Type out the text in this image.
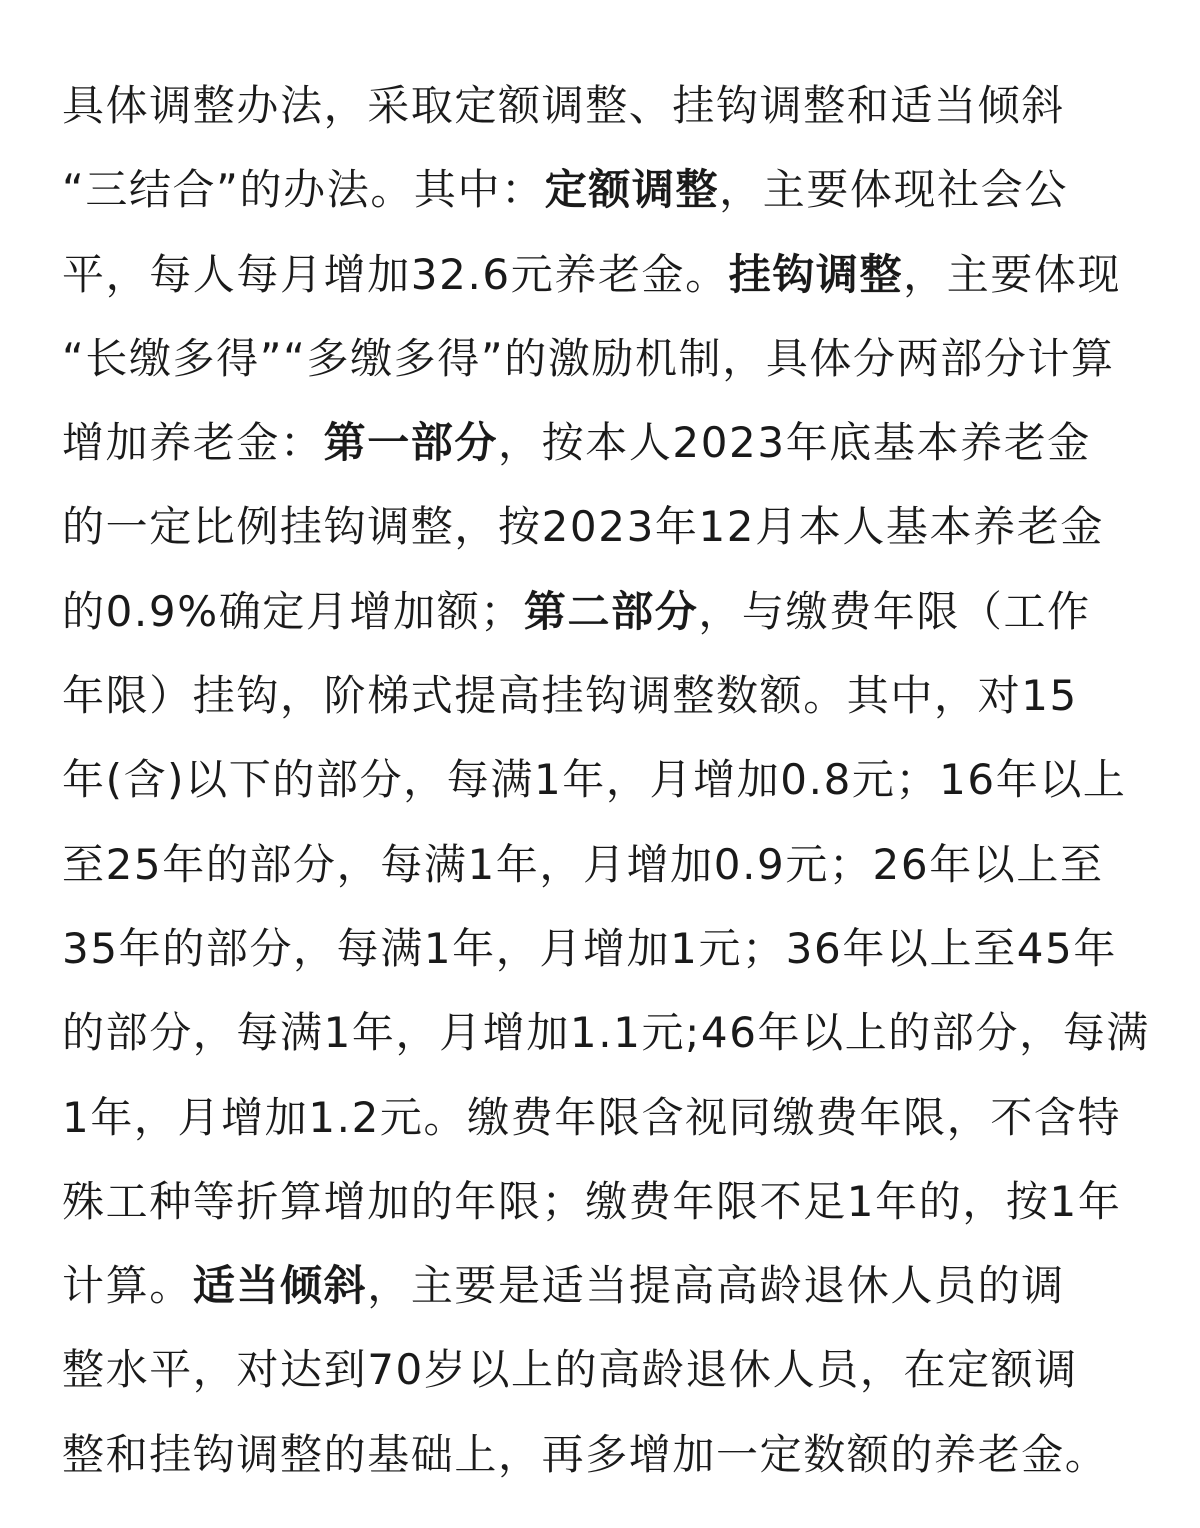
具体调整办法，采取定额调整、挂钩调整和适当倾斜
“三结合”的办法。其中：定额调整，主要体现社会公
平，每人每月增加32.6元养老金。挂钩调整，主要体现
“长缴多得”“多缴多得”的激励机制，具体分两部分计算
增加养老金：第一部分，按本人2023年底基本养老金
的一定比例挂钩调整，按2023年12月本人基本养老金
的0.9%确定月增加额；第二部分，与缴费年限（工作
年限）挂钩，阶梯式提高挂钩调整数额。其中，对15
年(含)以下的部分，每满1年，月增加0.8元；16年以上
至25年的部分，每满1年，月增加0.9元；26年以上至
35年的部分，每满1年，月增加1元；36年以上至45年
的部分，每满1年，月增加1.1元;46年以上的部分，每满
1年，月增加1.2元。缴费年限含视同缴费年限，不含特
殊工种等折算增加的年限；缴费年限不足1年的，按1年
计算。适当倾斜，主要是适当提高高龄退休人员的调
整水平，对达到70岁以上的高龄退休人员，在定额调
整和挂钩调整的基础上，再多增加一定数额的养老金。
